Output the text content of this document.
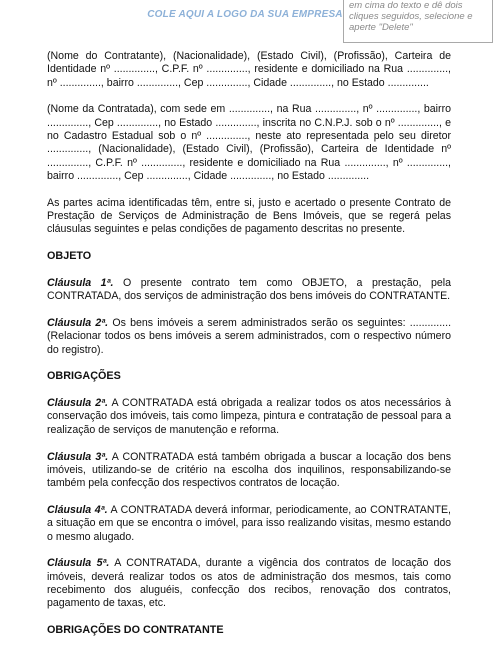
COLE AQUI A LOGO DA SUA EMPRESA
em cima do texto e dê dois cliques seguidos, selecione e aperte "Delete"

(Nome do Contratante), (Nacionalidade), (Estado Civil), (Profissão), Carteira de Identidade nº .............., C.P.F. nº .............., residente e domiciliado na Rua .............., nº .............., bairro .............., Cep .............., Cidade .............., no Estado ..............

(Nome da Contratada), com sede em .............., na Rua .............., nº .............., bairro .............., Cep .............., no Estado .............., inscrita no C.N.P.J. sob o nº .............., e no Cadastro Estadual sob o nº .............., neste ato representada pelo seu diretor .............., (Nacionalidade), (Estado Civil), (Profissão), Carteira de Identidade nº .............., C.P.F. nº .............., residente e domiciliado na Rua .............., nº .............., bairro .............., Cep .............., Cidade .............., no Estado ..............

As partes acima identificadas têm, entre si, justo e acertado o presente Contrato de Prestação de Serviços de Administração de Bens Imóveis, que se regerá pelas cláusulas seguintes e pelas condições de pagamento descritas no presente.

OBJETO

Cláusula 1ª. O presente contrato tem como OBJETO, a prestação, pela CONTRATADA, dos serviços de administração dos bens imóveis do CONTRATANTE.

Cláusula 2ª. Os bens imóveis a serem administrados serão os seguintes: .............. (Relacionar todos os bens imóveis a serem administrados, com o respectivo número do registro).

OBRIGAÇÕES

Cláusula 2ª. A CONTRATADA está obrigada a realizar todos os atos necessários à conservação dos imóveis, tais como limpeza, pintura e contratação de pessoal para a realização de serviços de manutenção e reforma.

Cláusula 3ª. A CONTRATADA está também obrigada a buscar a locação dos bens imóveis, utilizando-se de critério na escolha dos inquilinos, responsabilizando-se também pela confecção dos respectivos contratos de locação.

Cláusula 4ª. A CONTRATADA deverá informar, periodicamente, ao CONTRATANTE, a situação em que se encontra o imóvel, para isso realizando visitas, mesmo estando o mesmo alugado.

Cláusula 5ª. A CONTRATADA, durante a vigência dos contratos de locação dos imóveis, deverá realizar todos os atos de administração dos mesmos, tais como recebimento dos aluguéis, confecção dos recibos, renovação dos contratos, pagamento de taxas, etc.

OBRIGAÇÕES DO CONTRATANTE
